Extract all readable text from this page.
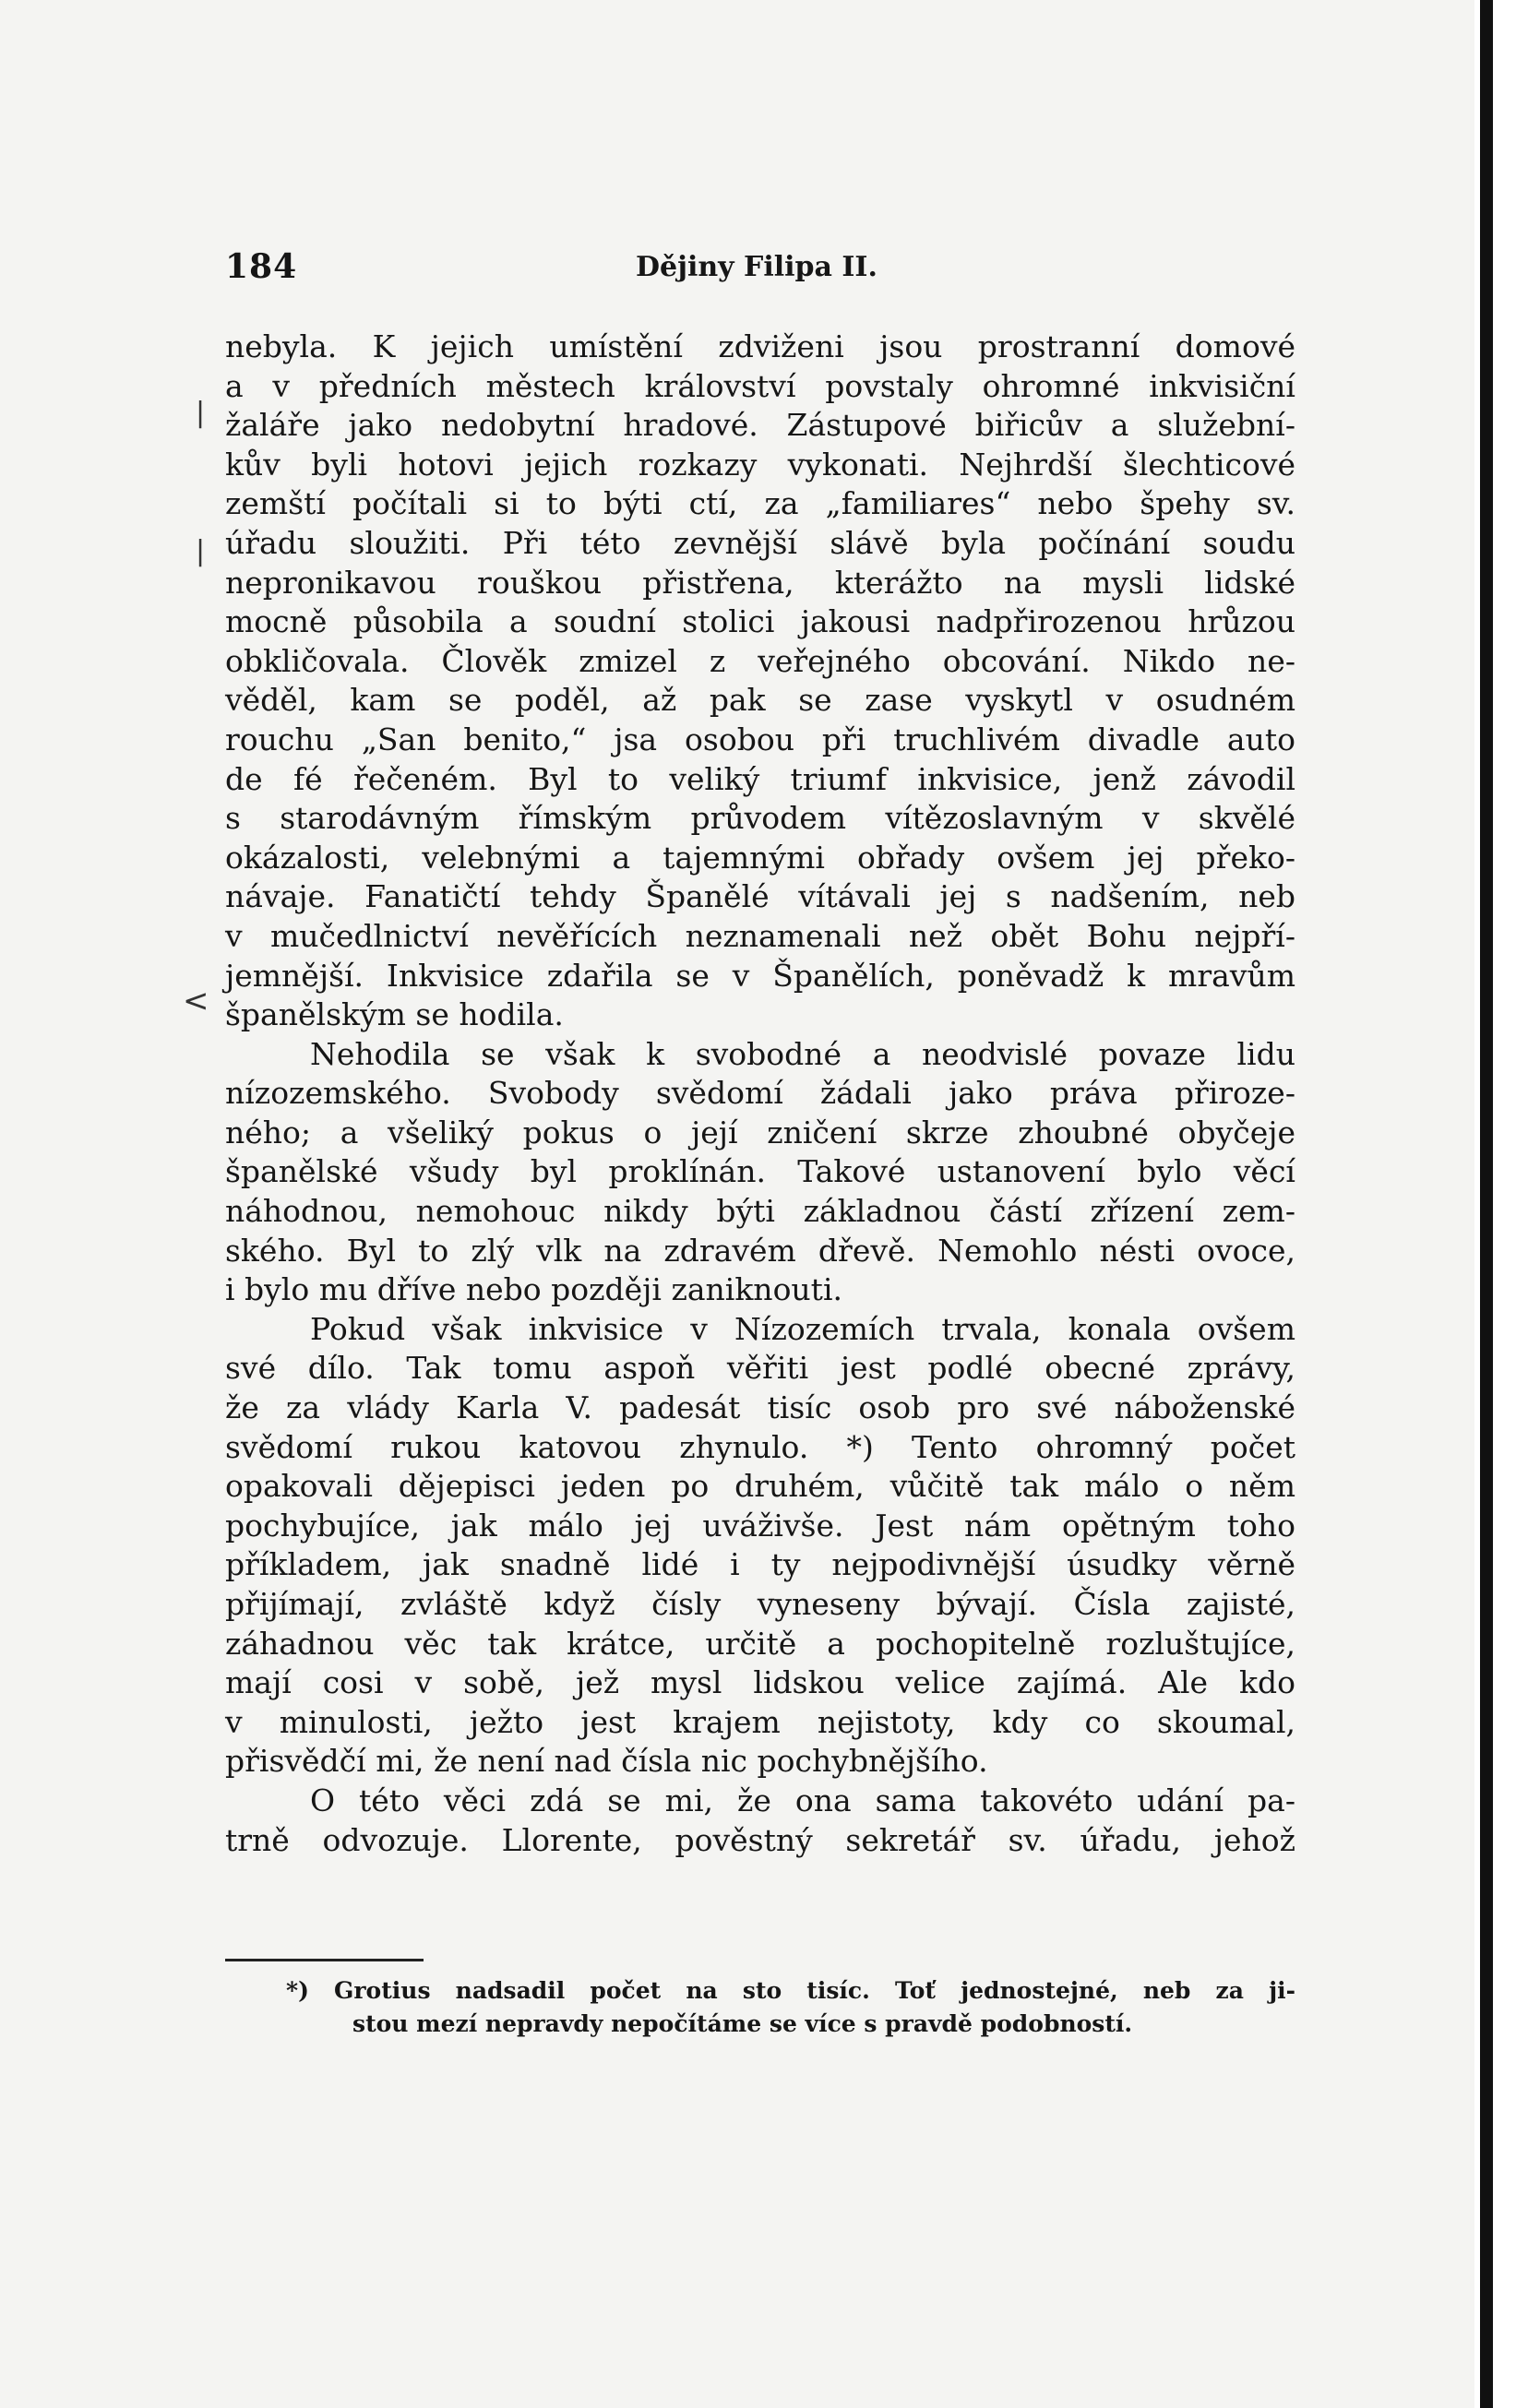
184	Dějiny Filipa II.
|
|
<
nebyla. K jejich umístění zdviženi jsou prostranní domové
a v předních městech království povstaly ohromné inkvisiční
žaláře jako nedobytní hradové. Zástupové biřicův a služební-
kův byli hotovi jejich rozkazy vykonati. Nejhrdší šlechticové
zemští počítali si to býti ctí, za „familiares“ nebo špehy sv.
úřadu sloužiti. Při této zevnější slávě byla počínání soudu
nepronikavou rouškou přistřena, kterážto na mysli lidské
mocně působila a soudní stolici jakousi nadpřirozenou hrůzou
obkličovala. Člověk zmizel z veřejného obcování. Nikdo ne-
věděl, kam se poděl, až pak se zase vyskytl v osudném
rouchu „San benito,“ jsa osobou při truchlivém divadle auto
de fé řečeném. Byl to veliký triumf inkvisice, jenž závodil
s starodávným římským průvodem vítězoslavným v skvělé
okázalosti, velebnými a tajemnými obřady ovšem jej překo-
návaje. Fanatičtí tehdy Španělé vítávali jej s nadšením, neb
v mučedlnictví nevěřících neznamenali než obět Bohu nejpří-
jemnější. Inkvisice zdařila se v Španělích, poněvadž k mravům
španělským se hodila.
Nehodila se však k svobodné a neodvislé povaze lidu
nízozemského. Svobody svědomí žádali jako práva přiroze-
ného; a všeliký pokus o její zničení skrze zhoubné obyčeje
španělské všudy byl proklínán. Takové ustanovení bylo věcí
náhodnou, nemohouc nikdy býti základnou částí zřízení zem-
ského. Byl to zlý vlk na zdravém dřevě. Nemohlo nésti ovoce,
i bylo mu dříve nebo později zaniknouti.
Pokud však inkvisice v Nízozemích trvala, konala ovšem
své dílo. Tak tomu aspoň věřiti jest podlé obecné zprávy,
že za vlády Karla V. padesát tisíc osob pro své náboženské
svědomí rukou katovou zhynulo. *) Tento ohromný počet
opakovali dějepisci jeden po druhém, vůčitě tak málo o něm
pochybujíce, jak málo jej uváživše. Jest nám opětným toho
příkladem, jak snadně lidé i ty nejpodivnější úsudky věrně
přijímají, zvláště když čísly vyneseny bývají. Čísla zajisté,
záhadnou věc tak krátce, určitě a pochopitelně rozluštujíce,
mají cosi v sobě, jež mysl lidskou velice zajímá. Ale kdo
v minulosti, ježto jest krajem nejistoty, kdy co skoumal,
přisvědčí mi, že není nad čísla nic pochybnějšího.
O této věci zdá se mi, že ona sama takovéto udání pa-
trně odvozuje. Llorente, pověstný sekretář sv. úřadu, jehož
*) Grotius nadsadil počet na sto tisíc. Toť jednostejné, neb za ji-
stou mezí nepravdy nepočítáme se více s pravdě podobností.
